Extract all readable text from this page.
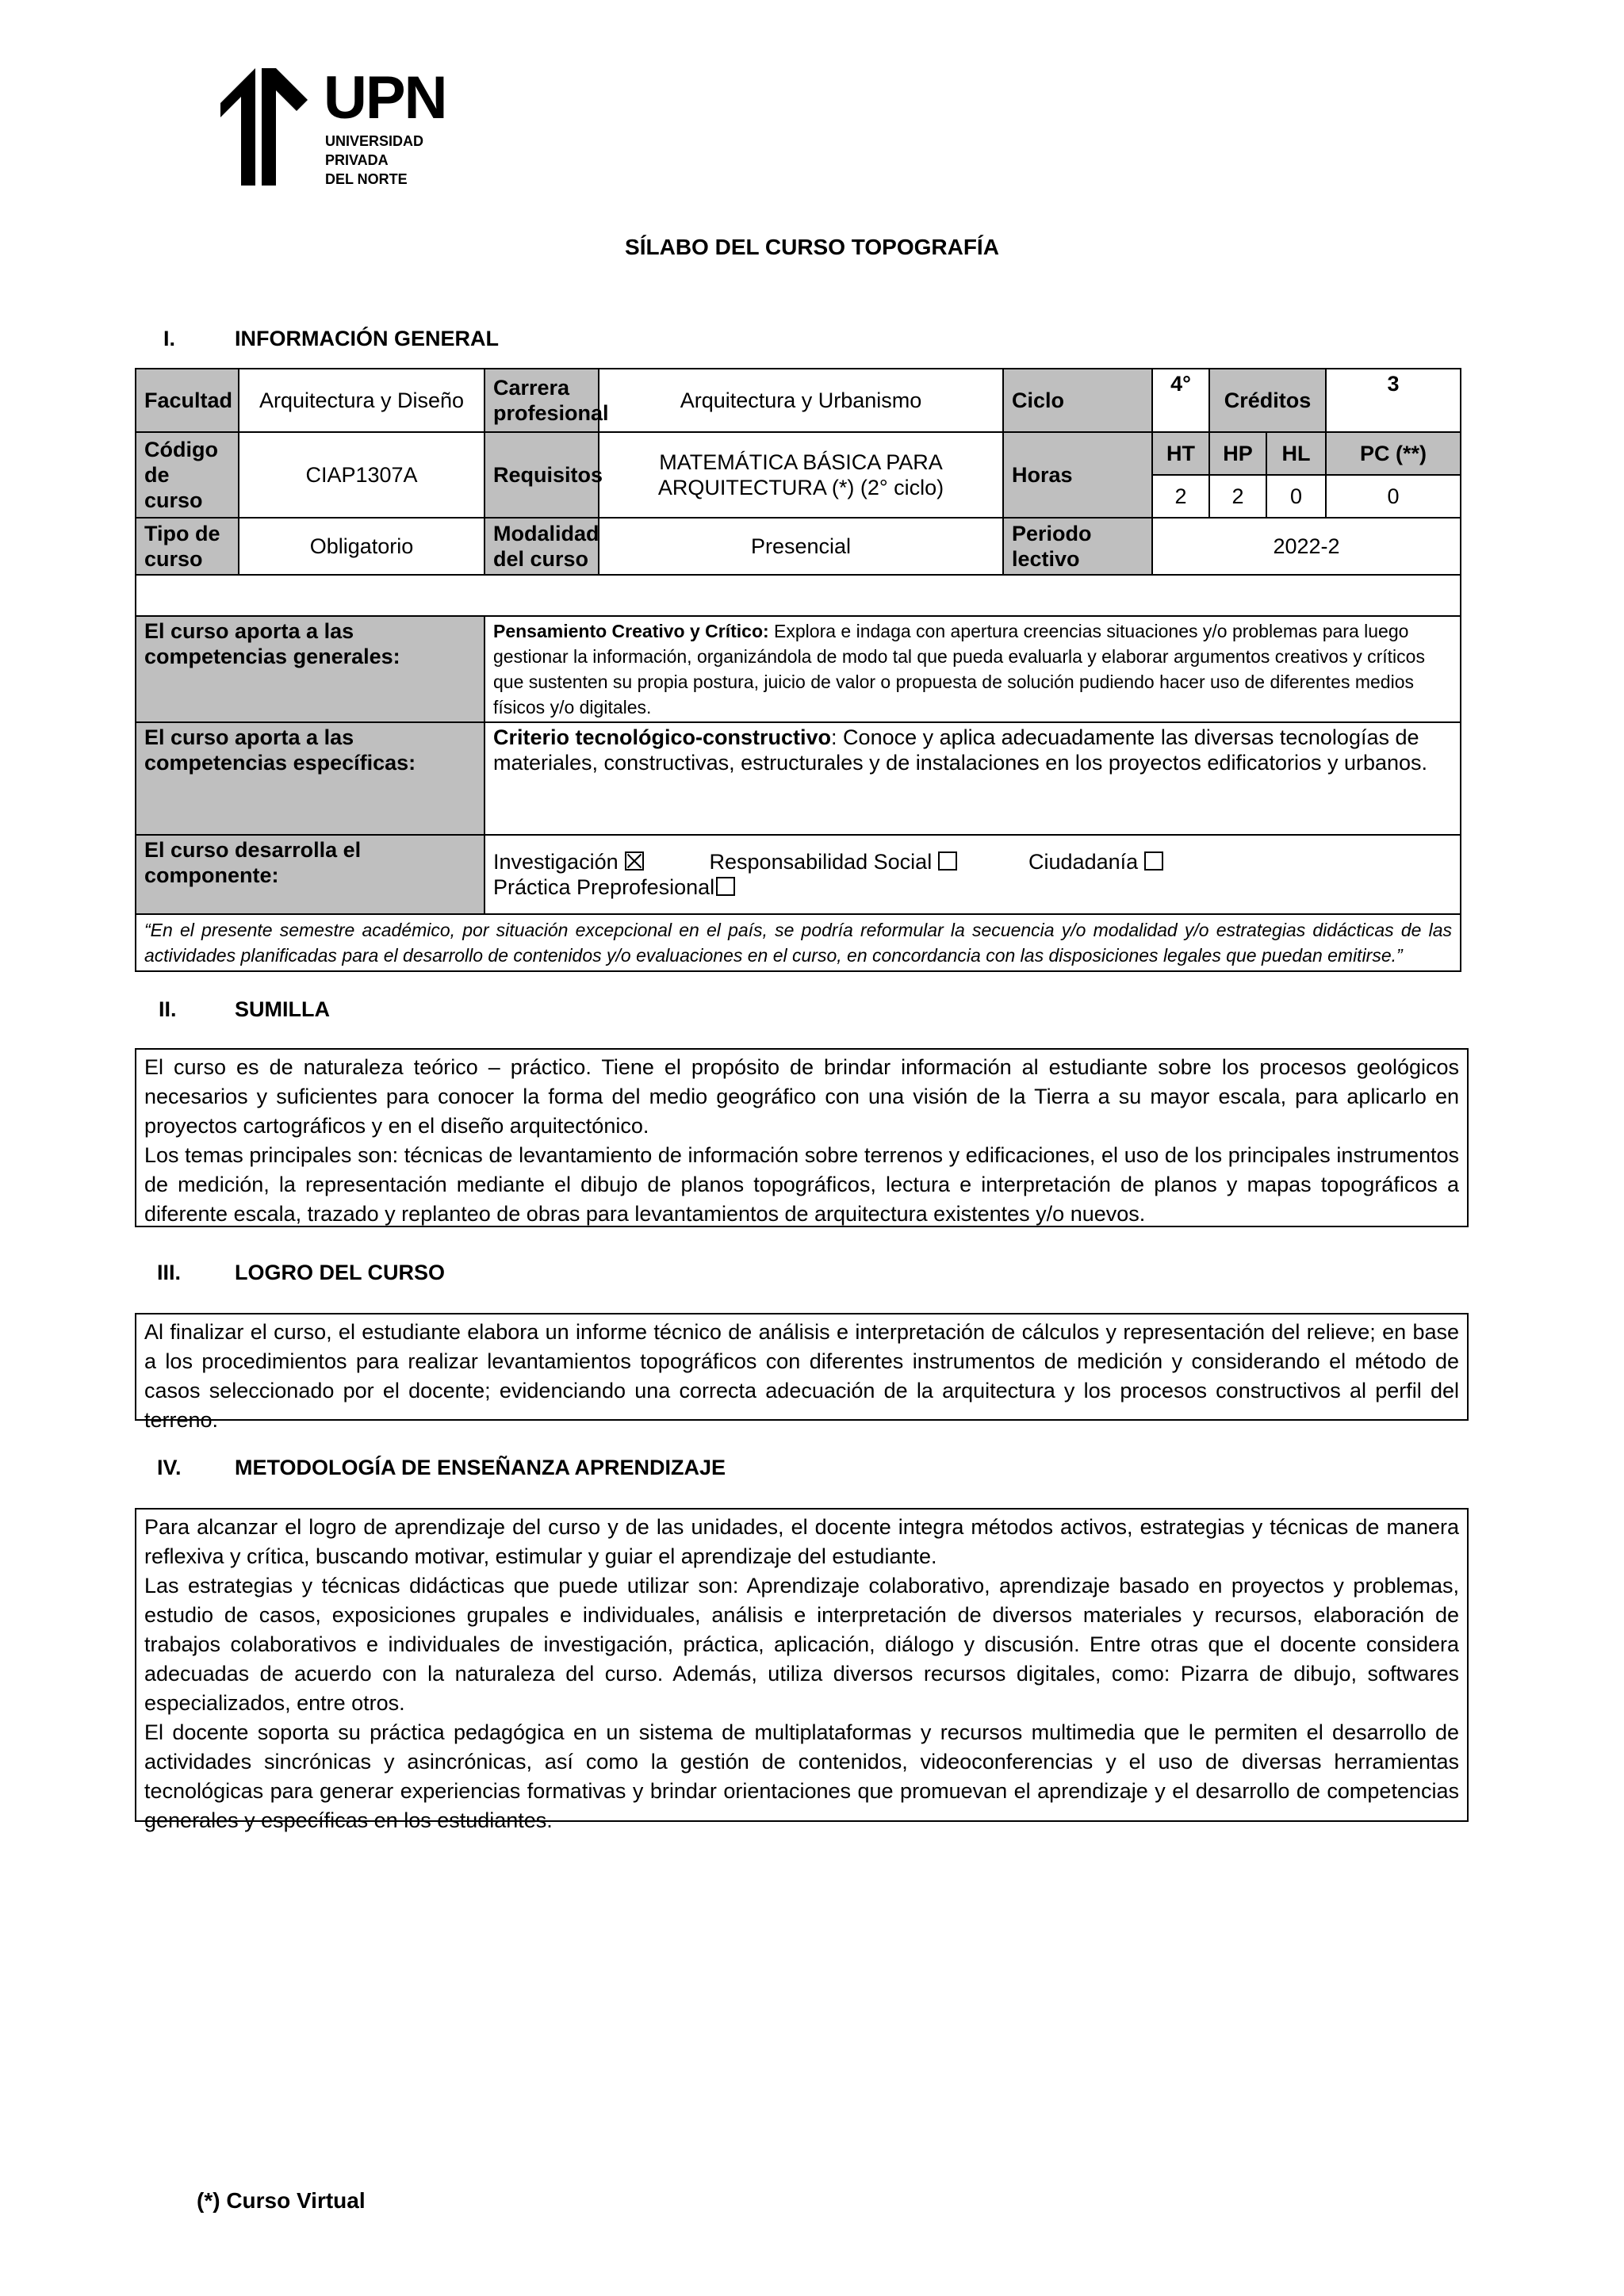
UPN
UNIVERSIDAD
PRIVADA
DEL NORTE
SÍLABO DEL CURSO TOPOGRAFÍA
I.	INFORMACIÓN GENERAL
Facultad	Arquitectura y Diseño	Carrera profesional	Arquitectura y Urbanismo	Ciclo	4°	Créditos		3
Código de curso	CIAP1307A	Requisitos	MATEMÁTICA BÁSICA PARA ARQUITECTURA (*) (2° ciclo)	Horas	HT	HP	HL	PC (**)
					2	2	0	0
Tipo de curso	Obligatorio	Modalidad del curso	Presencial	Periodo lectivo	2022-2			

El curso aporta a las competencias generales:		Pensamiento Creativo y Crítico: Explora e indaga con apertura creencias situaciones y/o problemas para luego gestionar la información, organizándola de modo tal que pueda evaluarla y elaborar argumentos creativos y críticos que sustenten su propia postura, juicio de valor o propuesta de solución pudiendo hacer uso de diferentes medios físicos y/o digitales.						
El curso aporta a las competencias específicas:		Criterio tecnológico-constructivo: Conoce y aplica adecuadamente las diversas tecnologías de materiales, constructivas, estructurales y de instalaciones en los proyectos edificatorios y urbanos.						
El curso desarrolla el componente:		Investigación Responsabilidad Social Ciudadanía Práctica Preprofesional						
“En el presente semestre académico, por situación excepcional en el país, se podría reformular la secuencia y/o modalidad y/o estrategias didácticas de las actividades planificadas para el desarrollo de contenidos y/o evaluaciones en el curso, en concordancia con las disposiciones legales que puedan emitirse.”								
II.	SUMILLA

El curso es de naturaleza teórico – práctico. Tiene el propósito de brindar información al estudiante sobre los procesos geológicos necesarios y suficientes para conocer la forma del medio geográfico con una visión de la Tierra a su mayor escala, para aplicarlo en proyectos cartográficos y en el diseño arquitectónico.

Los temas principales son: técnicas de levantamiento de información sobre terrenos y edificaciones, el uso de los principales instrumentos de medición, la representación mediante el dibujo de planos topográficos, lectura e interpretación de planos y mapas topográficos a diferente escala, trazado y replanteo de obras para levantamientos de arquitectura existentes y/o nuevos.

III.	LOGRO DEL CURSO

Al finalizar el curso, el estudiante elabora un informe técnico de análisis e interpretación de cálculos y representación del relieve; en base a los procedimientos para realizar levantamientos topográficos con diferentes instrumentos de medición y considerando el método de casos seleccionado por el docente; evidenciando una correcta adecuación de la arquitectura y los procesos constructivos al perfil del terreno.

IV. METODOLOGÍA DE ENSEÑANZA APRENDIZAJE

Para alcanzar el logro de aprendizaje del curso y de las unidades, el docente integra métodos activos, estrategias y técnicas de manera reflexiva y crítica, buscando motivar, estimular y guiar el aprendizaje del estudiante.

Las estrategias y técnicas didácticas que puede utilizar son: Aprendizaje colaborativo, aprendizaje basado en proyectos y problemas, estudio de casos, exposiciones grupales e individuales, análisis e interpretación de diversos materiales y recursos, elaboración de trabajos colaborativos e individuales de investigación, práctica, aplicación, diálogo y discusión. Entre otras que el docente considera adecuadas de acuerdo con la naturaleza del curso. Además, utiliza diversos recursos digitales, como: Pizarra de dibujo, softwares especializados, entre otros.

El docente soporta su práctica pedagógica en un sistema de multiplataformas y recursos multimedia que le permiten el desarrollo de actividades sincrónicas y asincrónicas, así como la gestión de contenidos, videoconferencias y el uso de diversas herramientas tecnológicas para generar experiencias formativas y brindar orientaciones que promuevan el aprendizaje y el desarrollo de competencias generales y específicas en los estudiantes.

(*) Curso Virtual
